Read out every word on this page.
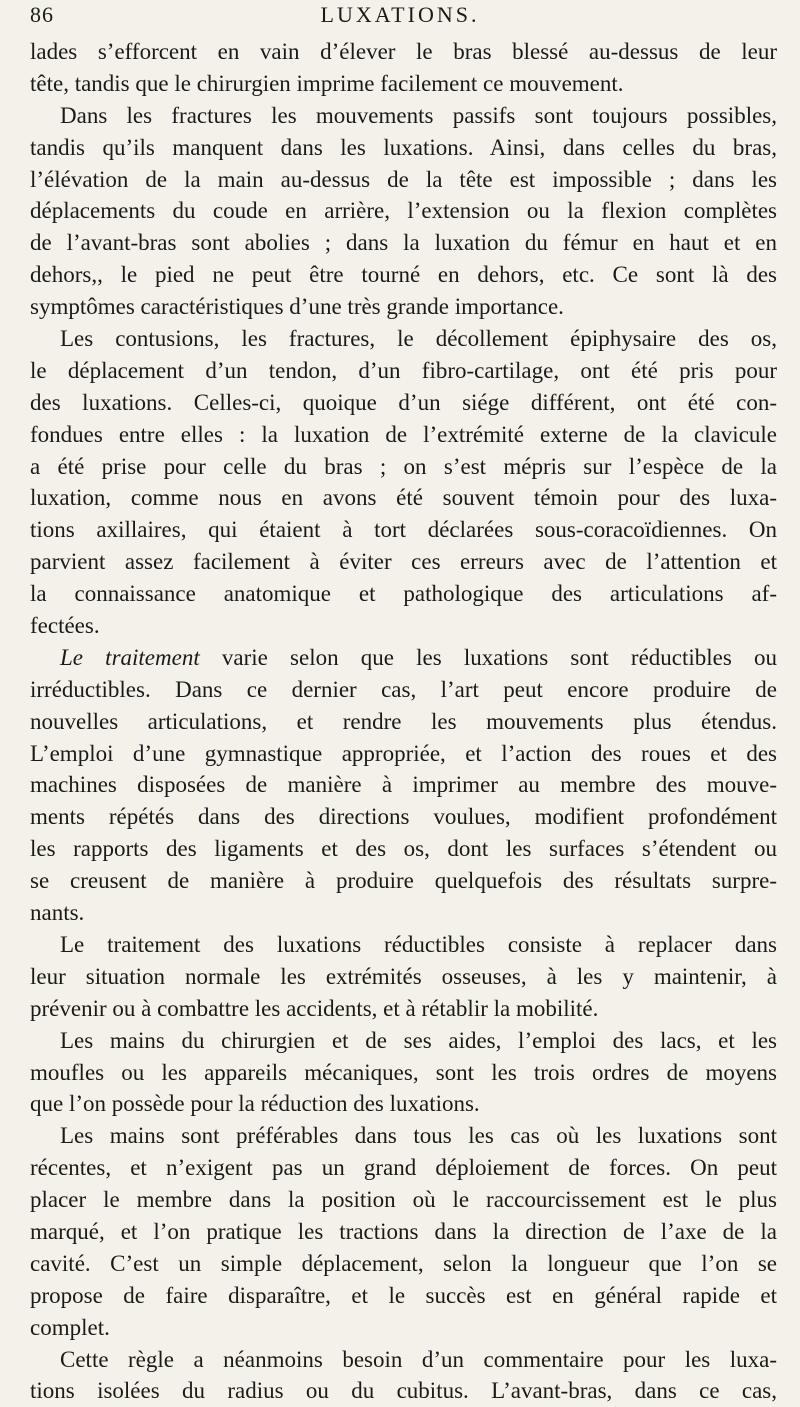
86	LUXATIONS.
lades s’efforcent en vain d’élever le bras blessé au-dessus de leur
tête, tandis que le chirurgien imprime facilement ce mouvement.
Dans les fractures les mouvements passifs sont toujours possibles,
tandis qu’ils manquent dans les luxations. Ainsi, dans celles du bras,
l’élévation de la main au-dessus de la tête est impossible ; dans les
déplacements du coude en arrière, l’extension ou la flexion complètes
de l’avant-bras sont abolies ; dans la luxation du fémur en haut et en
dehors,, le pied ne peut être tourné en dehors, etc. Ce sont là des
symptômes caractéristiques d’une très grande importance.
Les contusions, les fractures, le décollement épiphysaire des os,
le déplacement d’un tendon, d’un fibro-cartilage, ont été pris pour
des luxations. Celles-ci, quoique d’un siége différent, ont été con-
fondues entre elles : la luxation de l’extrémité externe de la clavicule
a été prise pour celle du bras ; on s’est mépris sur l’espèce de la
luxation, comme nous en avons été souvent témoin pour des luxa-
tions axillaires, qui étaient à tort déclarées sous-coracoïdiennes. On
parvient assez facilement à éviter ces erreurs avec de l’attention et
la connaissance anatomique et pathologique des articulations af-
fectées.
Le traitement varie selon que les luxations sont réductibles ou
irréductibles. Dans ce dernier cas, l’art peut encore produire de
nouvelles articulations, et rendre les mouvements plus étendus.
L’emploi d’une gymnastique appropriée, et l’action des roues et des
machines disposées de manière à imprimer au membre des mouve-
ments répétés dans des directions voulues, modifient profondément
les rapports des ligaments et des os, dont les surfaces s’étendent ou
se creusent de manière à produire quelquefois des résultats surpre-
nants.
Le traitement des luxations réductibles consiste à replacer dans
leur situation normale les extrémités osseuses, à les y maintenir, à
prévenir ou à combattre les accidents, et à rétablir la mobilité.
Les mains du chirurgien et de ses aides, l’emploi des lacs, et les
moufles ou les appareils mécaniques, sont les trois ordres de moyens
que l’on possède pour la réduction des luxations.
Les mains sont préférables dans tous les cas où les luxations sont
récentes, et n’exigent pas un grand déploiement de forces. On peut
placer le membre dans la position où le raccourcissement est le plus
marqué, et l’on pratique les tractions dans la direction de l’axe de la
cavité. C’est un simple déplacement, selon la longueur que l’on se
propose de faire disparaître, et le succès est en général rapide et
complet.
Cette règle a néanmoins besoin d’un commentaire pour les luxa-
tions isolées du radius ou du cubitus. L’avant-bras, dans ce cas,
